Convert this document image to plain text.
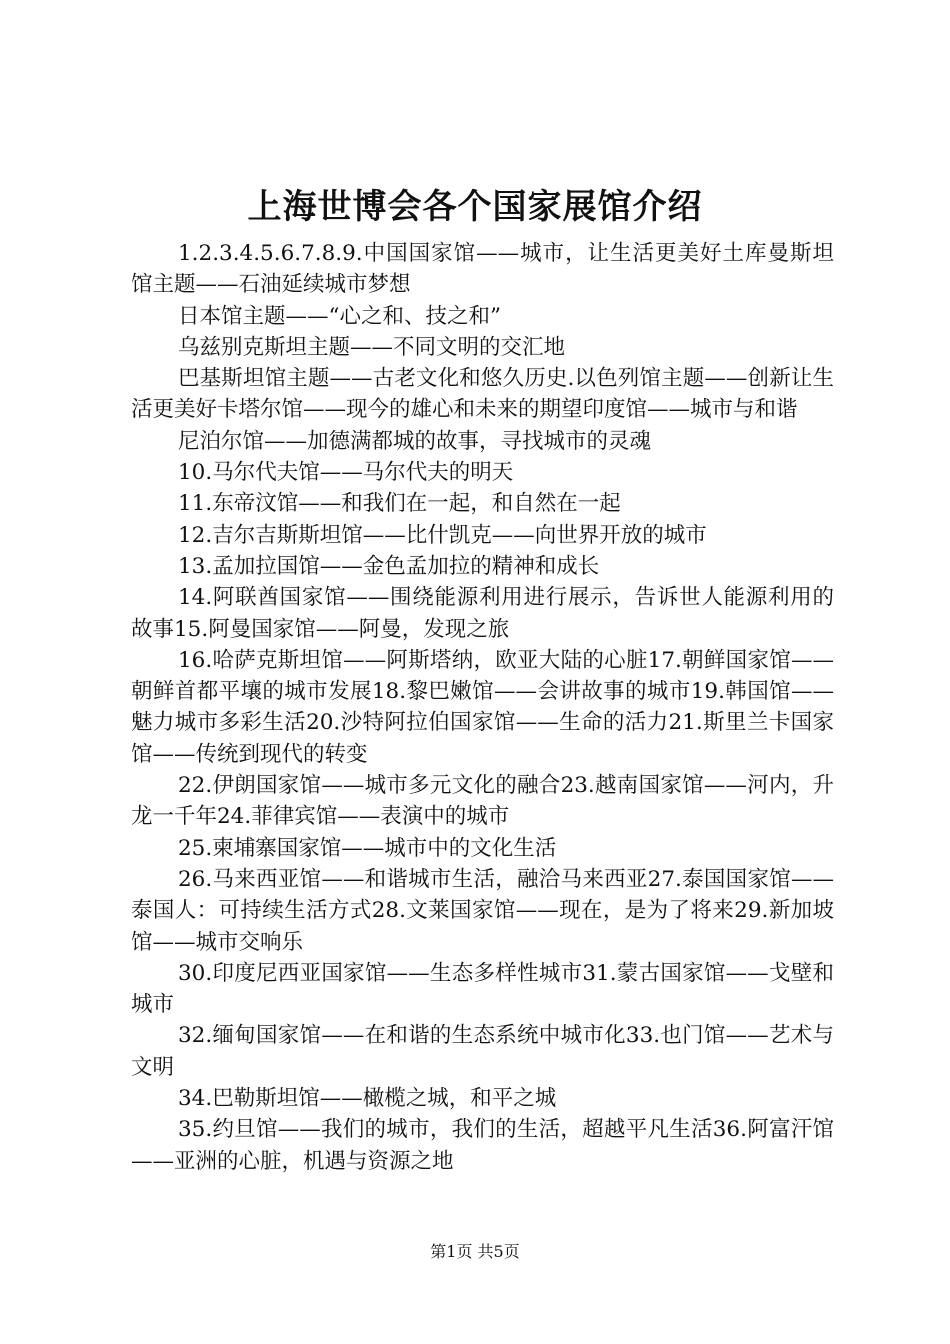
上海世博会各个国家展馆介绍

1.2.3.4.5.6.7.8.9.中国国家馆——城市，让生活更美好土库曼斯坦馆主题——石油延续城市梦想

日本馆主题——“心之和、技之和”

乌兹别克斯坦主题——不同文明的交汇地

巴基斯坦馆主题——古老文化和悠久历史.以色列馆主题——创新让生活更美好卡塔尔馆——现今的雄心和未来的期望印度馆——城市与和谐

尼泊尔馆——加德满都城的故事，寻找城市的灵魂

10.马尔代夫馆——马尔代夫的明天

11.东帝汶馆——和我们在一起，和自然在一起

12.吉尔吉斯斯坦馆——比什凯克——向世界开放的城市

13.孟加拉国馆——金色孟加拉的精神和成长

14.阿联酋国家馆——围绕能源利用进行展示，告诉世人能源利用的故事15.阿曼国家馆——阿曼，发现之旅

16.哈萨克斯坦馆——阿斯塔纳，欧亚大陆的心脏17.朝鲜国家馆——朝鲜首都平壤的城市发展18.黎巴嫩馆——会讲故事的城市19.韩国馆——魅力城市多彩生活20.沙特阿拉伯国家馆——生命的活力21.斯里兰卡国家馆——传统到现代的转变

22.伊朗国家馆——城市多元文化的融合23.越南国家馆——河内，升龙一千年24.菲律宾馆——表演中的城市

25.柬埔寨国家馆——城市中的文化生活

26.马来西亚馆——和谐城市生活，融洽马来西亚27.泰国国家馆——泰国人：可持续生活方式28.文莱国家馆——现在，是为了将来29.新加坡馆——城市交响乐

30.印度尼西亚国家馆——生态多样性城市31.蒙古国家馆——戈壁和城市

32.缅甸国家馆——在和谐的生态系统中城市化33.也门馆——艺术与文明

34.巴勒斯坦馆——橄榄之城，和平之城

35.约旦馆——我们的城市，我们的生活，超越平凡生活36.阿富汗馆——亚洲的心脏，机遇与资源之地

第1页 共5页
